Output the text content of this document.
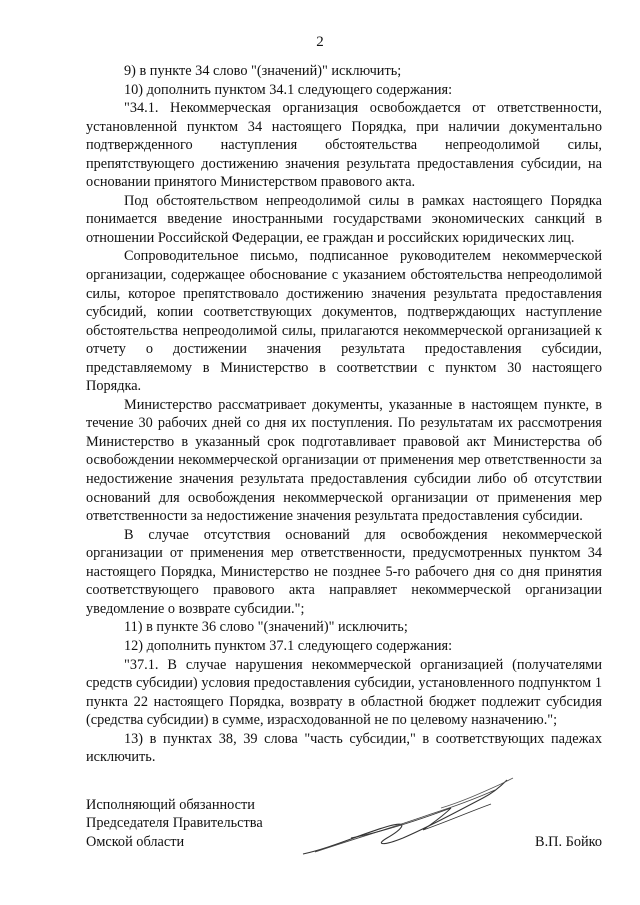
2

9) в пункте 34 слово "(значений)" исключить;

10) дополнить пунктом 34.1 следующего содержания:

"34.1. Некоммерческая организация освобождается от ответственности, установленной пунктом 34 настоящего Порядка, при наличии документально подтвержденного наступления обстоятельства непреодолимой силы, препятствующего достижению значения результата предоставления субсидии, на основании принятого Министерством правового акта.

Под обстоятельством непреодолимой силы в рамках настоящего Порядка понимается введение иностранными государствами экономических санкций в отношении Российской Федерации, ее граждан и российских юридических лиц.

Сопроводительное письмо, подписанное руководителем некоммерческой организации, содержащее обоснование с указанием обстоятельства непреодолимой силы, которое препятствовало достижению значения результата предоставления субсидий, копии соответствующих документов, подтверждающих наступление обстоятельства непреодолимой силы, прилагаются некоммерческой организацией к отчету о достижении значения результата предоставления субсидии, представляемому в Министерство в соответствии с пунктом 30 настоящего Порядка.

Министерство рассматривает документы, указанные в настоящем пункте, в течение 30 рабочих дней со дня их поступления. По результатам их рассмотрения Министерство в указанный срок подготавливает правовой акт Министерства об освобождении некоммерческой организации от применения мер ответственности за недостижение значения результата предоставления субсидии либо об отсутствии оснований для освобождения некоммерческой организации от применения мер ответственности за недостижение значения результата предоставления субсидии.

В случае отсутствия оснований для освобождения некоммерческой организации от применения мер ответственности, предусмотренных пунктом 34 настоящего Порядка, Министерство не позднее 5-го рабочего дня со дня принятия соответствующего правового акта направляет некоммерческой организации уведомление о возврате субсидии.";

11) в пункте 36 слово "(значений)" исключить;

12) дополнить пунктом 37.1 следующего содержания:

"37.1. В случае нарушения некоммерческой организацией (получателями средств субсидии) условия предоставления субсидии, установленного подпунктом 1 пункта 22 настоящего Порядка, возврату в областной бюджет подлежит субсидия (средства субсидии) в сумме, израсходованной не по целевому назначению.";

13) в пунктах 38, 39 слова "часть субсидии," в соответствующих падежах исключить.

Исполняющий обязанности
Председателя Правительства
Омской области	В.П. Бойко
